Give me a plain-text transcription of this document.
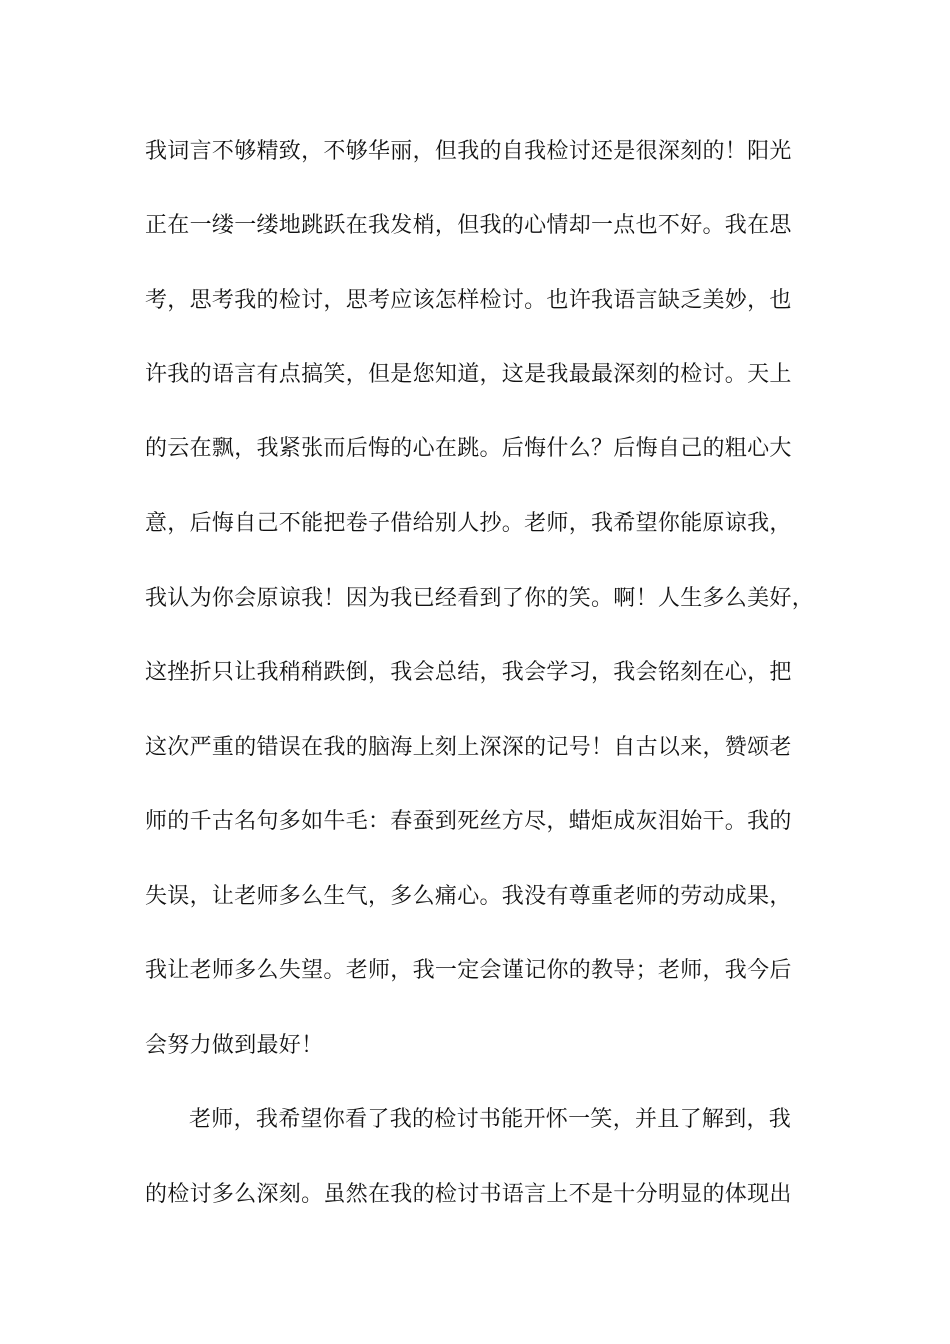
我词言不够精致，不够华丽，但我的自我检讨还是很深刻的！阳光
正在一缕一缕地跳跃在我发梢，但我的心情却一点也不好。我在思
考，思考我的检讨，思考应该怎样检讨。也许我语言缺乏美妙，也
许我的语言有点搞笑，但是您知道，这是我最最深刻的检讨。天上
的云在飘，我紧张而后悔的心在跳。后悔什么？后悔自己的粗心大
意，后悔自己不能把卷子借给别人抄。老师，我希望你能原谅我，
我认为你会原谅我！因为我已经看到了你的笑。啊！人生多么美好，
这挫折只让我稍稍跌倒，我会总结，我会学习，我会铭刻在心，把
这次严重的错误在我的脑海上刻上深深的记号！自古以来，赞颂老
师的千古名句多如牛毛：春蚕到死丝方尽，蜡炬成灰泪始干。我的
失误，让老师多么生气，多么痛心。我没有尊重老师的劳动成果，
我让老师多么失望。老师，我一定会谨记你的教导；老师，我今后
会努力做到最好！
老师，我希望你看了我的检讨书能开怀一笑，并且了解到，我
的检讨多么深刻。虽然在我的检讨书语言上不是十分明显的体现出
